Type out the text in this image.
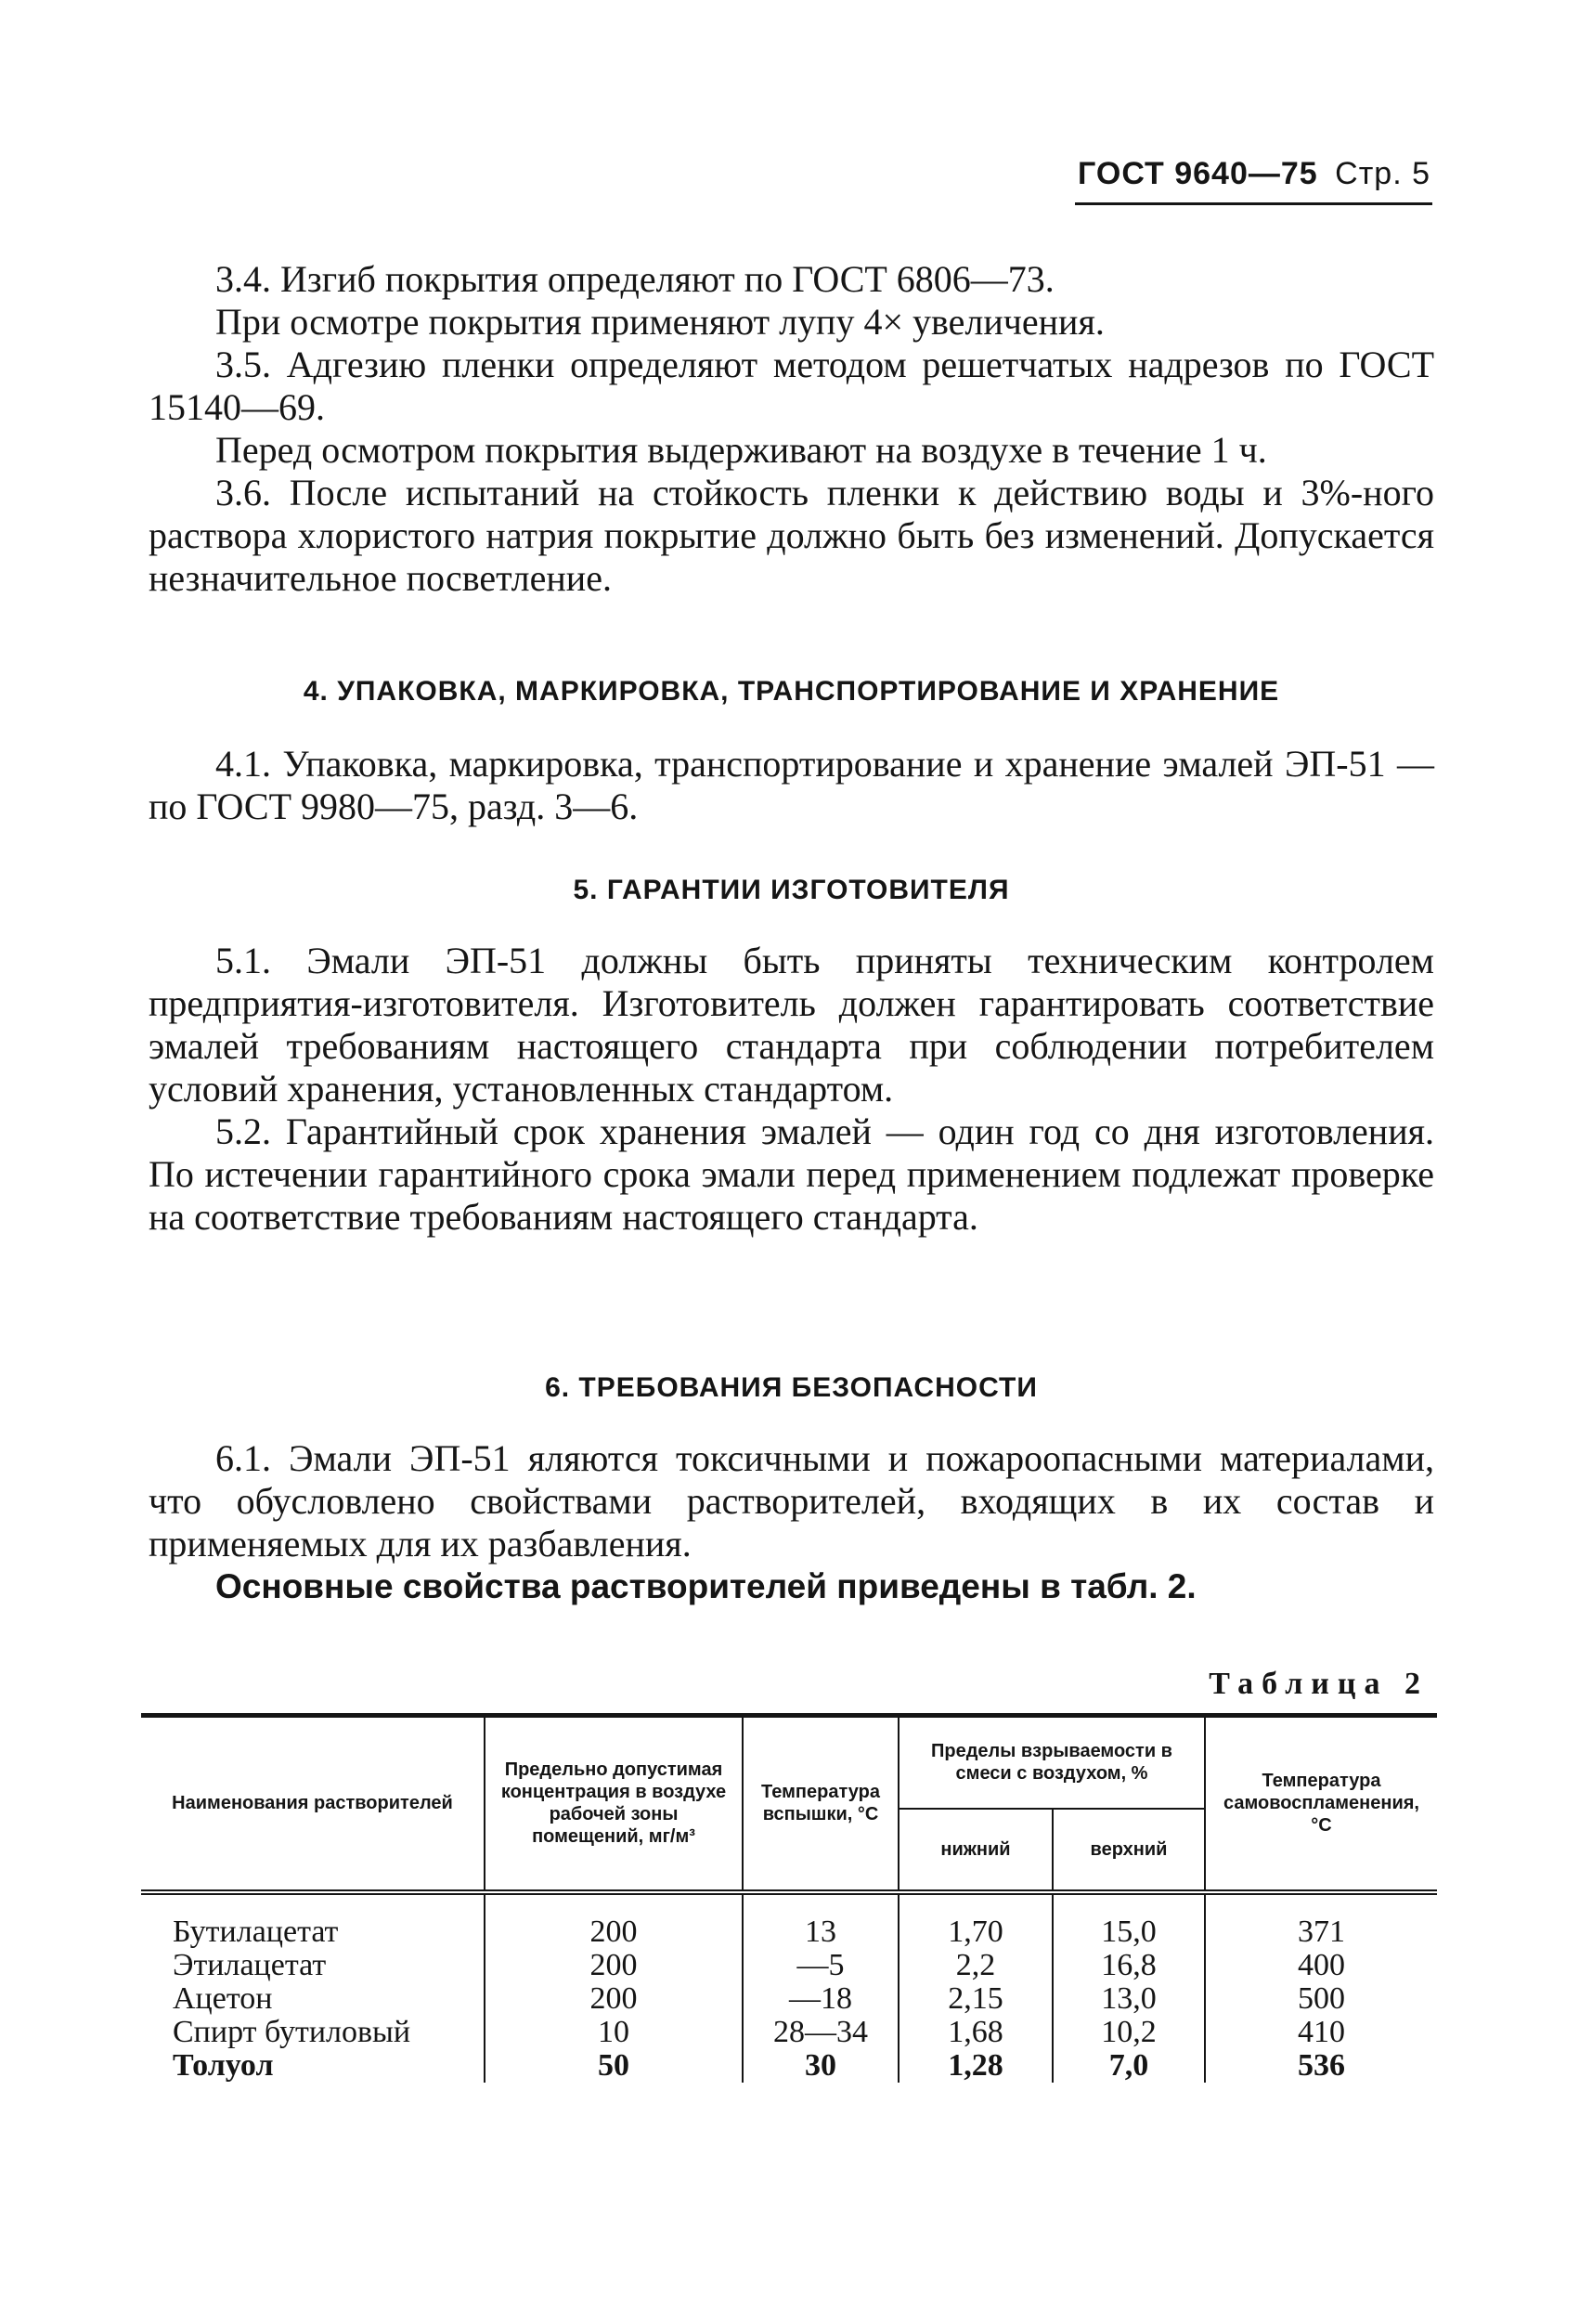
ГОСТ 9640—75 Стр. 5

3.4. Изгиб покрытия определяют по ГОСТ 6806—73.

При осмотре покрытия применяют лупу 4× увеличения.

3.5. Адгезию пленки определяют методом решетчатых надрезов по ГОСТ 15140—69.

Перед осмотром покрытия выдерживают на воздухе в течение 1 ч.

3.6. После испытаний на стойкость пленки к действию воды и 3%-ного раствора хлористого натрия покрытие должно быть без изменений. Допускается незначительное посветление.

4. УПАКОВКА, МАРКИРОВКА, ТРАНСПОРТИРОВАНИЕ И ХРАНЕНИЕ

4.1. Упаковка, маркировка, транспортирование и хранение эмалей ЭП-51 — по ГОСТ 9980—75, разд. 3—6.

5. ГАРАНТИИ ИЗГОТОВИТЕЛЯ

5.1. Эмали ЭП-51 должны быть приняты техническим контролем предприятия-изготовителя. Изготовитель должен гарантировать соответствие эмалей требованиям настоящего стандарта при соблюдении потребителем условий хранения, установленных стандартом.

5.2. Гарантийный срок хранения эмалей — один год со дня изготовления. По истечении гарантийного срока эмали перед применением подлежат проверке на соответствие требованиям настоящего стандарта.

6. ТРЕБОВАНИЯ БЕЗОПАСНОСТИ

6.1. Эмали ЭП-51 яляются токсичными и пожароопасными материалами, что обусловлено свойствами растворителей, входящих в их состав и применяемых для их разбавления.

Основные свойства растворителей приведены в табл. 2.

Таблица 2
Наименования растворителей	Предельно допустимая концентрация в воздухе рабочей зоны помещений, мг/м³	Температура вспышки, °С	Пределы взрываемости в смеси с воздухом, %		Температура самовоспламенения, °С
			нижний	верхний	
Бутилацетат	200	13	1,70	15,0	371
Этилацетат	200	—5	2,2	16,8	400
Ацетон	200	—18	2,15	13,0	500
Спирт бутиловый	10	28—34	1,68	10,2	410
Толуол	50	30	1,28	7,0	536
